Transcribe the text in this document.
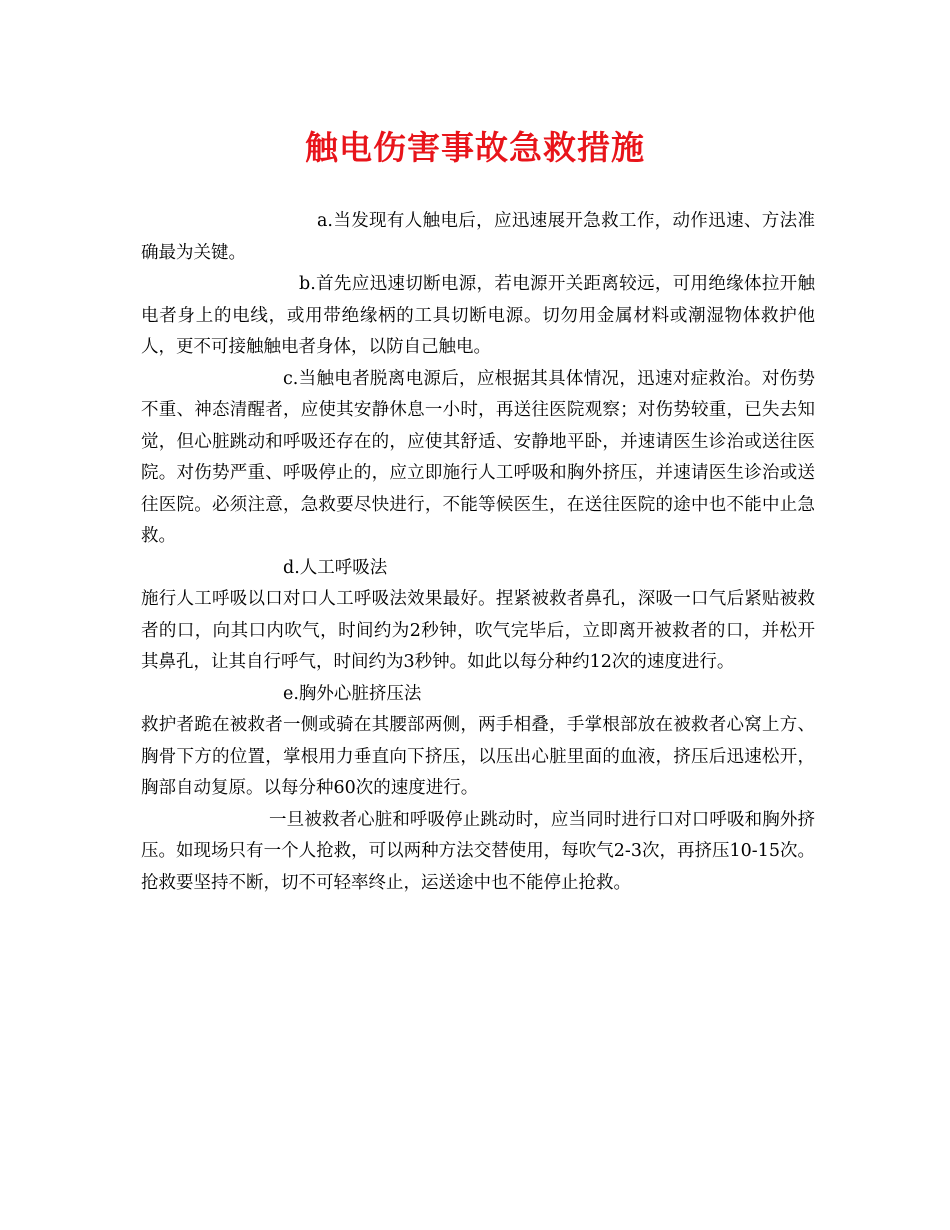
触电伤害事故急救措施

a.当发现有人触电后，应迅速展开急救工作，动作迅速、方法准确最为关键。

b.首先应迅速切断电源，若电源开关距离较远，可用绝缘体拉开触电者身上的电线，或用带绝缘柄的工具切断电源。切勿用金属材料或潮湿物体救护他人，更不可接触触电者身体，以防自己触电。

c.当触电者脱离电源后，应根据其具体情况，迅速对症救治。对伤势不重、神态清醒者，应使其安静休息一小时，再送往医院观察；对伤势较重，已失去知觉，但心脏跳动和呼吸还存在的，应使其舒适、安静地平卧，并速请医生诊治或送往医院。对伤势严重、呼吸停止的，应立即施行人工呼吸和胸外挤压，并速请医生诊治或送往医院。必须注意，急救要尽快进行，不能等候医生，在送往医院的途中也不能中止急救。

d.人工呼吸法

施行人工呼吸以口对口人工呼吸法效果最好。捏紧被救者鼻孔，深吸一口气后紧贴被救者的口，向其口内吹气，时间约为2秒钟，吹气完毕后，立即离开被救者的口，并松开其鼻孔，让其自行呼气，时间约为3秒钟。如此以每分种约12次的速度进行。

e.胸外心脏挤压法

救护者跪在被救者一侧或骑在其腰部两侧，两手相叠，手掌根部放在被救者心窝上方、胸骨下方的位置，掌根用力垂直向下挤压，以压出心脏里面的血液，挤压后迅速松开，胸部自动复原。以每分种60次的速度进行。

一旦被救者心脏和呼吸停止跳动时，应当同时进行口对口呼吸和胸外挤压。如现场只有一个人抢救，可以两种方法交替使用，每吹气2-3次，再挤压10-15次。抢救要坚持不断，切不可轻率终止，运送途中也不能停止抢救。
